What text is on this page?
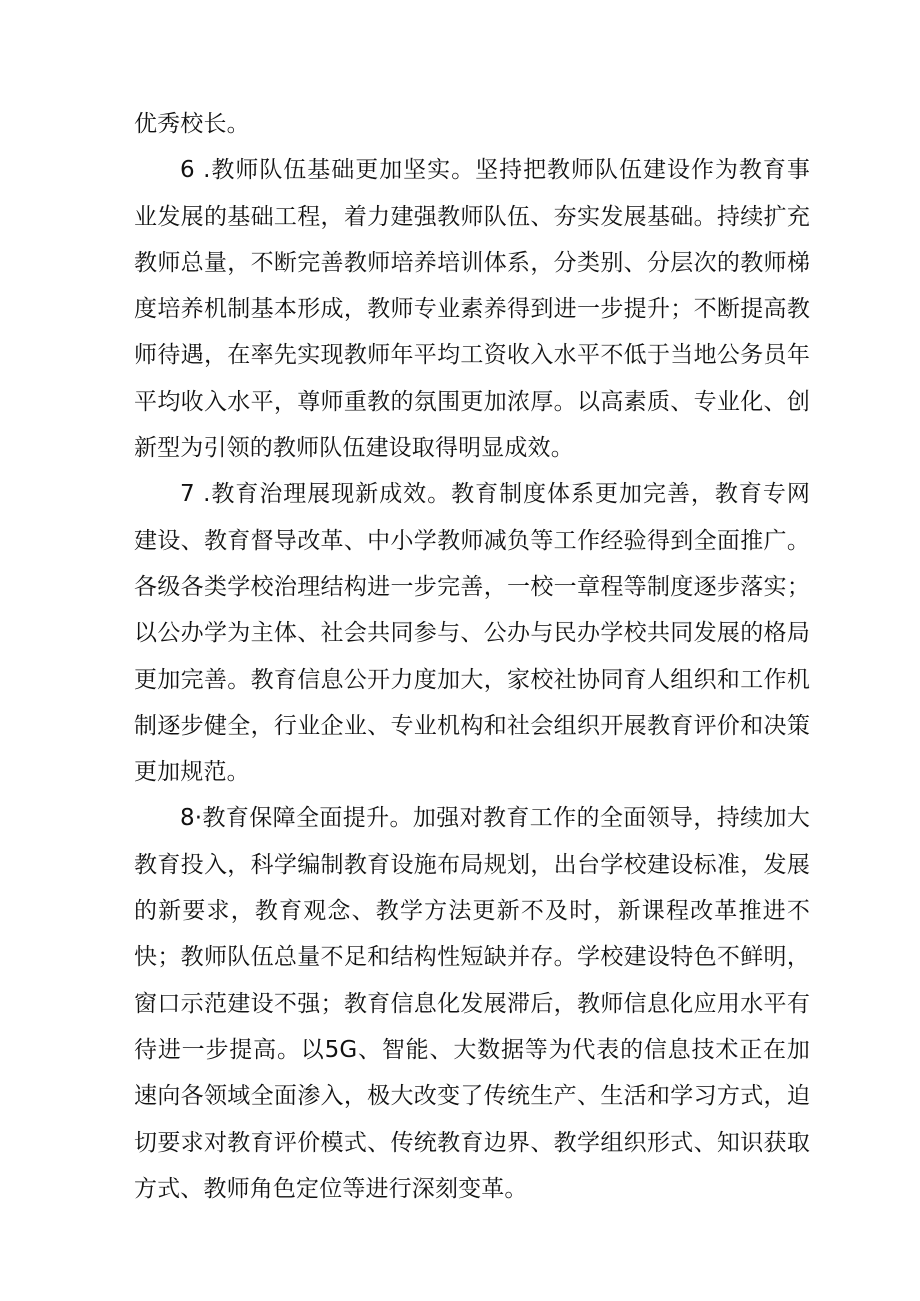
优秀校长。

6 .教师队伍基础更加坚实。坚持把教师队伍建设作为教育事业发展的基础工程，着力建强教师队伍、夯实发展基础。持续扩充教师总量，不断完善教师培养培训体系，分类别、分层次的教师梯度培养机制基本形成，教师专业素养得到进一步提升；不断提高教师待遇，在率先实现教师年平均工资收入水平不低于当地公务员年平均收入水平，尊师重教的氛围更加浓厚。以高素质、专业化、创新型为引领的教师队伍建设取得明显成效。

7 .教育治理展现新成效。教育制度体系更加完善，教育专网建设、教育督导改革、中小学教师减负等工作经验得到全面推广。各级各类学校治理结构进一步完善，一校一章程等制度逐步落实；以公办学为主体、社会共同参与、公办与民办学校共同发展的格局更加完善。教育信息公开力度加大，家校社协同育人组织和工作机制逐步健全，行业企业、专业机构和社会组织开展教育评价和决策更加规范。

8·教育保障全面提升。加强对教育工作的全面领导，持续加大教育投入，科学编制教育设施布局规划，出台学校建设标准，发展的新要求，教育观念、教学方法更新不及时，新课程改革推进不快；教师队伍总量不足和结构性短缺并存。学校建设特色不鲜明，窗口示范建设不强；教育信息化发展滞后，教师信息化应用水平有待进一步提高。以5G、智能、大数据等为代表的信息技术正在加速向各领域全面渗入，极大改变了传统生产、生活和学习方式，迫切要求对教育评价模式、传统教育边界、教学组织形式、知识获取方式、教师角色定位等进行深刻变革。
